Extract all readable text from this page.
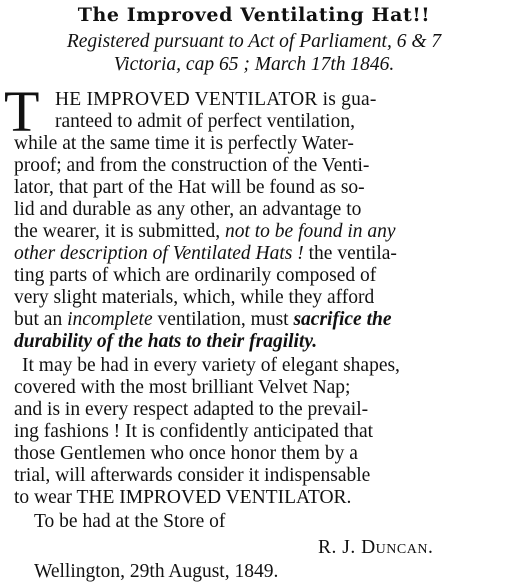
The Improved Ventilating Hat!!
Registered pursuant to Act of Parliament, 6 & 7
Victoria, cap 65 ; March 17th 1846.
T HE IMPROVED VENTILATOR is gua-
ranteed to admit of perfect ventilation,
while at the same time it is perfectly Water-
proof; and from the construction of the Venti-
lator, that part of the Hat will be found as so-
lid and durable as any other, an advantage to
the wearer, it is submitted, not to be found in any
other description of Ventilated Hats ! the ventila-
ting parts of which are ordinarily composed of
very slight materials, which, while they afford
but an incomplete ventilation, must sacrifice the
durability of the hats to their fragility.
It may be had in every variety of elegant shapes,
covered with the most brilliant Velvet Nap;
and is in every respect adapted to the prevail-
ing fashions ! It is confidently anticipated that
those Gentlemen who once honor them by a
trial, will afterwards consider it indispensable
to wear THE IMPROVED VENTILATOR.
To be had at the Store of
R. J. Duncan.
Wellington, 29th August, 1849.
